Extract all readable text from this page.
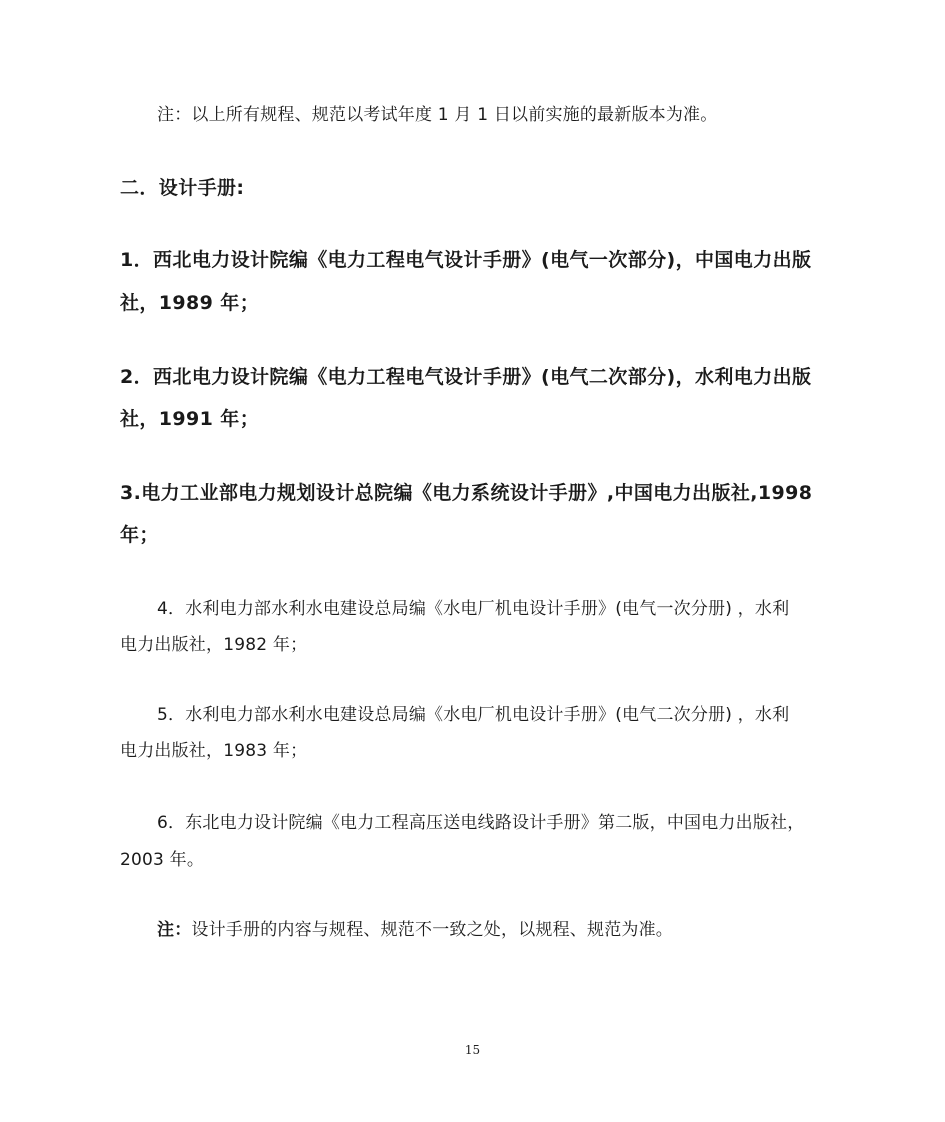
注：以上所有规程、规范以考试年度 1 月 1 日以前实施的最新版本为准。
二．设计手册:
1．西北电力设计院编《电力工程电气设计手册》(电气一次部分)，中国电力出版
社，1989 年；
2．西北电力设计院编《电力工程电气设计手册》(电气二次部分)，水利电力出版
社，1991 年；
3.电力工业部电力规划设计总院编《电力系统设计手册》,中国电力出版社,1998
年；
4．水利电力部水利水电建设总局编《水电厂机电设计手册》(电气一次分册) ，水利
电力出版社，1982 年；
5．水利电力部水利水电建设总局编《水电厂机电设计手册》(电气二次分册) ，水利
电力出版社，1983 年；
6．东北电力设计院编《电力工程高压送电线路设计手册》第二版，中国电力出版社，
2003 年。
注：设计手册的内容与规程、规范不一致之处，以规程、规范为准。
15
